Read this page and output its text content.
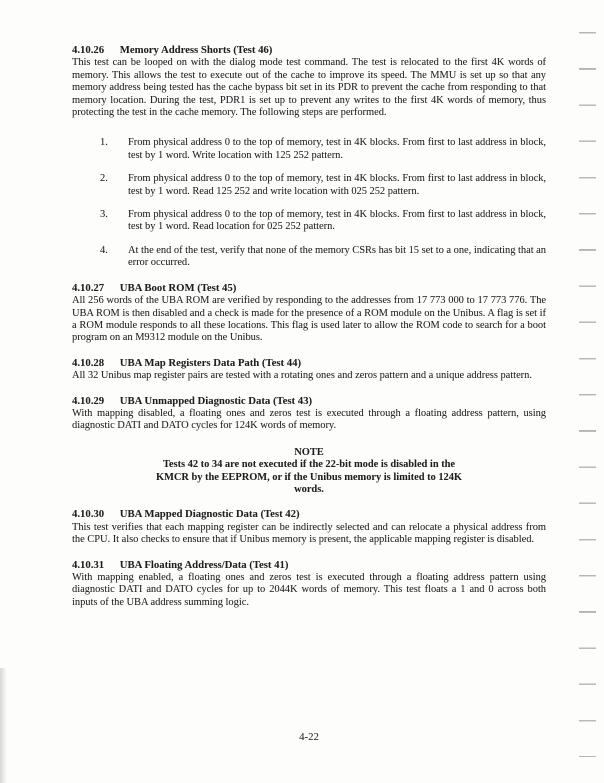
4.10.26 Memory Address Shorts (Test 46)

This test can be looped on with the dialog mode test command. The test is relocated to the first 4K words of memory. This allows the test to execute out of the cache to improve its speed. The MMU is set up so that any memory address being tested has the cache bypass bit set in its PDR to prevent the cache from responding to that memory location. During the test, PDR1 is set up to prevent any writes to the first 4K words of memory, thus protecting the test in the cache memory. The following steps are performed.

1.	From physical address 0 to the top of memory, test in 4K blocks. From first to last address in block, test by 1 word. Write location with 125 252 pattern.
2.	From physical address 0 to the top of memory, test in 4K blocks. From first to last address in block, test by 1 word. Read 125 252 and write location with 025 252 pattern.
3.	From physical address 0 to the top of memory, test in 4K blocks. From first to last address in block, test by 1 word. Read location for 025 252 pattern.
4.	At the end of the test, verify that none of the memory CSRs has bit 15 set to a one, indicating that an error occurred.
4.10.27 UBA Boot ROM (Test 45)

All 256 words of the UBA ROM are verified by responding to the addresses from 17 773 000 to 17 773 776. The UBA ROM is then disabled and a check is made for the presence of a ROM module on the Unibus. A flag is set if a ROM module responds to all these locations. This flag is used later to allow the ROM code to search for a boot program on an M9312 module on the Unibus.

4.10.28 UBA Map Registers Data Path (Test 44)

All 32 Unibus map register pairs are tested with a rotating ones and zeros pattern and a unique address pattern.

4.10.29 UBA Unmapped Diagnostic Data (Test 43)

With mapping disabled, a floating ones and zeros test is executed through a floating address pattern, using diagnostic DATI and DATO cycles for 124K words of memory.

NOTE
Tests 42 to 34 are not executed if the 22-bit mode is disabled in the KMCR by the EEPROM, or if the Unibus memory is limited to 124K words.
4.10.30 UBA Mapped Diagnostic Data (Test 42)

This test verifies that each mapping register can be indirectly selected and can relocate a physical address from the CPU. It also checks to ensure that if Unibus memory is present, the applicable mapping register is disabled.

4.10.31 UBA Floating Address/Data (Test 41)

With mapping enabled, a floating ones and zeros test is executed through a floating address pattern using diagnostic DATI and DATO cycles for up to 2044K words of memory. This test floats a 1 and 0 across both inputs of the UBA address summing logic.

4-22
